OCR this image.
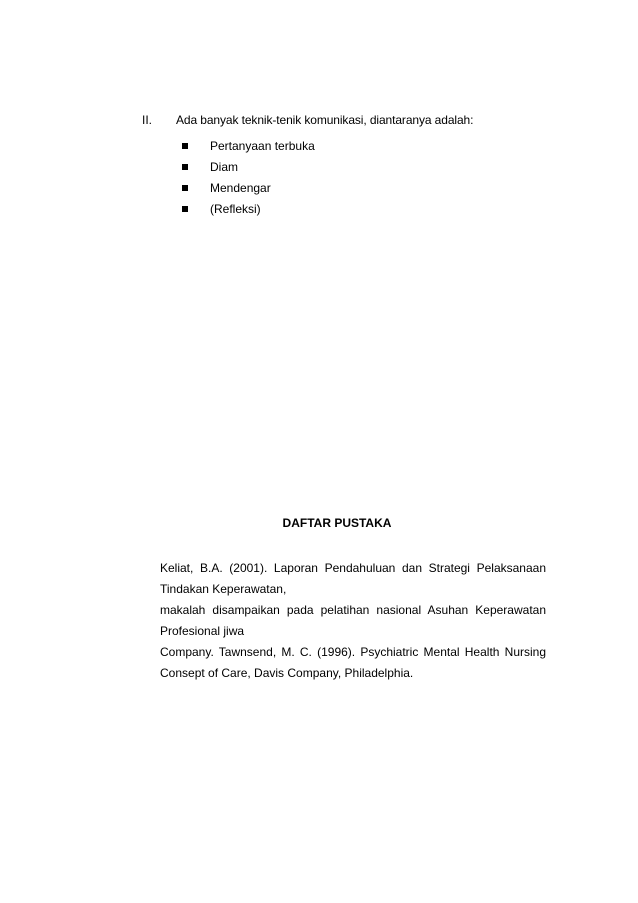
II.	Ada banyak teknik-tenik komunikasi, diantaranya adalah:
Pertanyaan terbuka
Diam
Mendengar
(Refleksi)
DAFTAR PUSTAKA
Keliat, B.A. (2001). Laporan Pendahuluan dan Strategi Pelaksanaan
Tindakan Keperawatan,
makalah disampaikan pada pelatihan nasional Asuhan Keperawatan
Profesional jiwa
Company. Tawnsend, M. C. (1996). Psychiatric Mental Health Nursing
Consept of Care, Davis Company, Philadelphia.
